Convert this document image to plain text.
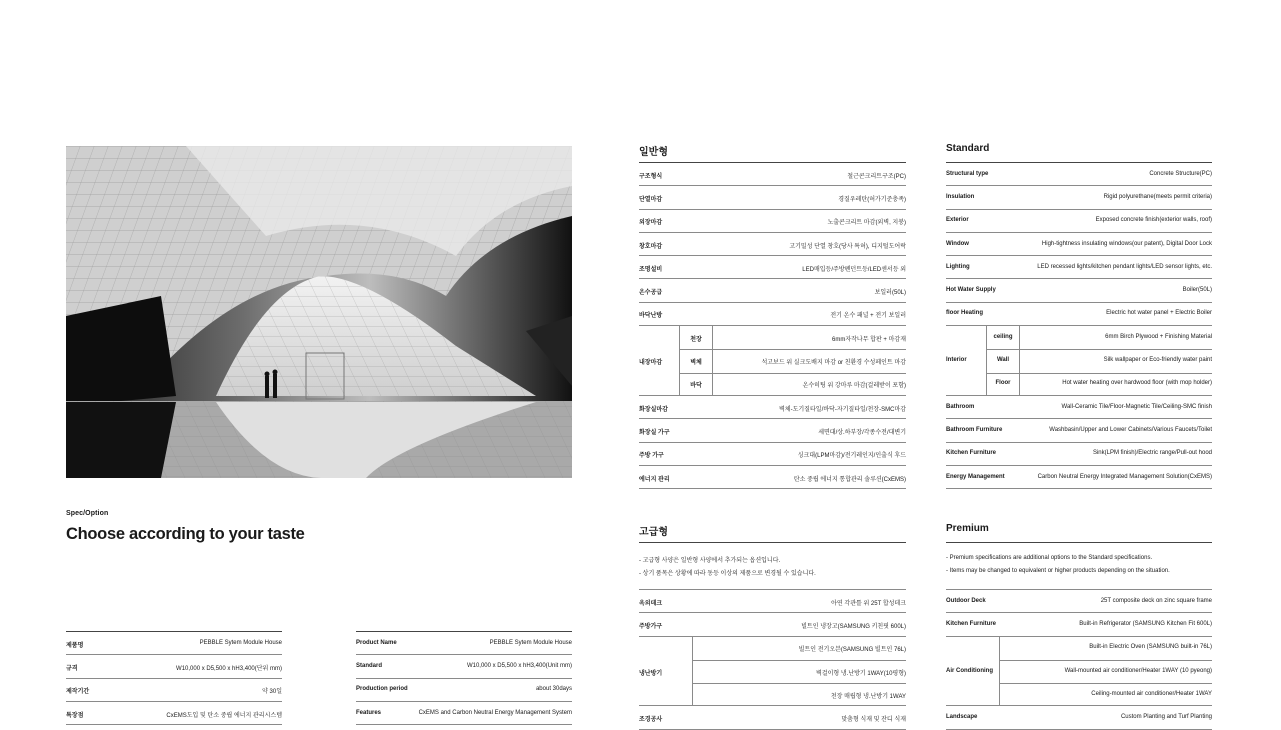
Spec/Option
Choose according to your taste
일반형
구조형식	철근콘크리트구조(PC)
단열마감	경질우레탄(허가기준충족)
외장마감	노출콘크리트 마감(외벽, 지붕)
창호마감	고기밀성 단열 창호(당사 특허), 디지털도어락
조명설비	LED매입등/주방펜던트등/LED센서등 외
온수공급	보일러(50L)
바닥난방	전기 온수 패널 + 전기 보일러
내장마감
천장	6mm자작나무 합판 + 마감재
벽체	석고보드 위 실크도배지 마감 or 친환경 수성페인트 마감
바닥	온수히팅 위 강마루 마감(걸레받이 포함)
화장실마감	벽체-도기질타일/바닥-자기질타일/천장-SMC마감
화장실 가구	세면대/상.하부장/각종수전/대변기
주방 가구	싱크대(LPM마감)/전기레인지/인출식 후드
에너지 관리	탄소 중립 에너지 통합관리 솔루션(CxEMS)
Standard
Structural type	Concrete Structure(PC)
Insulation	Rigid polyurethane(meets permit criteria)
Exterior	Exposed concrete finish(exterior walls, roof)
Window	High-tightness insulating windows(our patent), Digital Door Lock
Lighting	LED recessed lights/kitchen pendant lights/LED sensor lights, etc.
Hot Water Supply	Boiler(50L)
floor Heating	Electric hot water panel + Electric Boiler
Interior
ceiling	6mm Birch Plywood + Finishing Material
Wall	Silk wallpaper or Eco-friendly water paint
Floor	Hot water heating over hardwood floor (with mop holder)
Bathroom	Wall-Ceramic Tile/Floor-Magnetic Tile/Ceiling-SMC finish
Bathroom Furniture	Washbasin/Upper and Lower Cabinets/Various Faucets/Toilet
Kitchen Furniture	Sink(LPM finish)/Electric range/Pull-out hood
Energy Management	Carbon Neutral Energy Integrated Management Solution(CxEMS)
고급형
- 고급형 사양은 일반형 사양에서 추가되는 옵션입니다.
- 상기 품목은 상황에 따라 동등 이상의 제품으로 변경될 수 있습니다.
옥외데크	아연 각관틀 위 25T 합성데크
주방가구	빌트인 냉장고(SAMSUNG 키친핏 600L)
냉난방기
빌트인 전기오븐(SAMSUNG 빌트인 76L)
벽걸이형 냉.난방기 1WAY(10평형)
천장 매립형 냉.난방기 1WAY
조경공사	맞춤형 식재 및 잔디 식재
Premium
- Premium specifications are additional options to the Standard specifications.
- Items may be changed to equivalent or higher products depending on the situation.
Outdoor Deck	25T composite deck on zinc square frame
Kitchen Furniture	Built-in Refrigerator (SAMSUNG Kitchen Fit 600L)
Air Conditioning
Built-in Electric Oven (SAMSUNG built-in 76L)
Wall-mounted air conditioner/Heater 1WAY (10 pyeong)
Ceiling-mounted air conditioner/Heater 1WAY
Landscape	Custom Planting and Turf Planting
제품명	PEBBLE Sytem Module House
규격	W10,000 x D5,500 x hH3,400(단위 mm)
제작기간	약 30일
특장점	CxEMS도입 및 탄소 중립 에너지 관리시스템
Product Name	PEBBLE Sytem Module House
Standard	W10,000 x D5,500 x hH3,400(Unit mm)
Production period	about 30days
Features	CxEMS and Carbon Neutral Energy Management System
